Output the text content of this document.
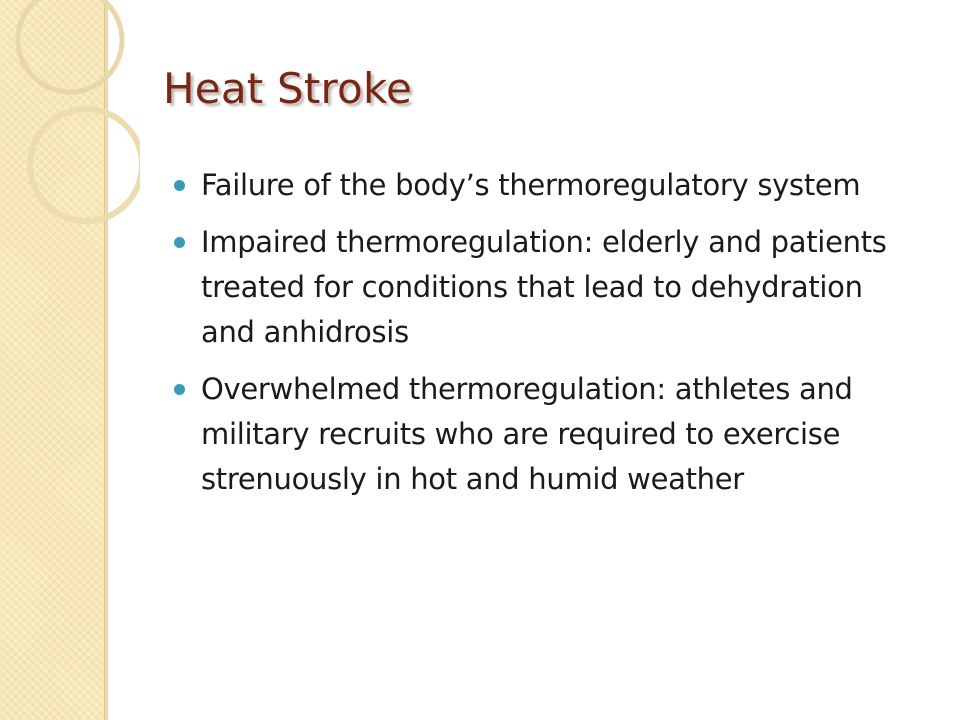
Heat Stroke
Failure of the body’s thermoregulatory system
Impaired thermoregulation: elderly and patients treated for conditions that lead to dehydration and anhidrosis
Overwhelmed thermoregulation: athletes and military recruits who are required to exercise strenuously in hot and humid weather
